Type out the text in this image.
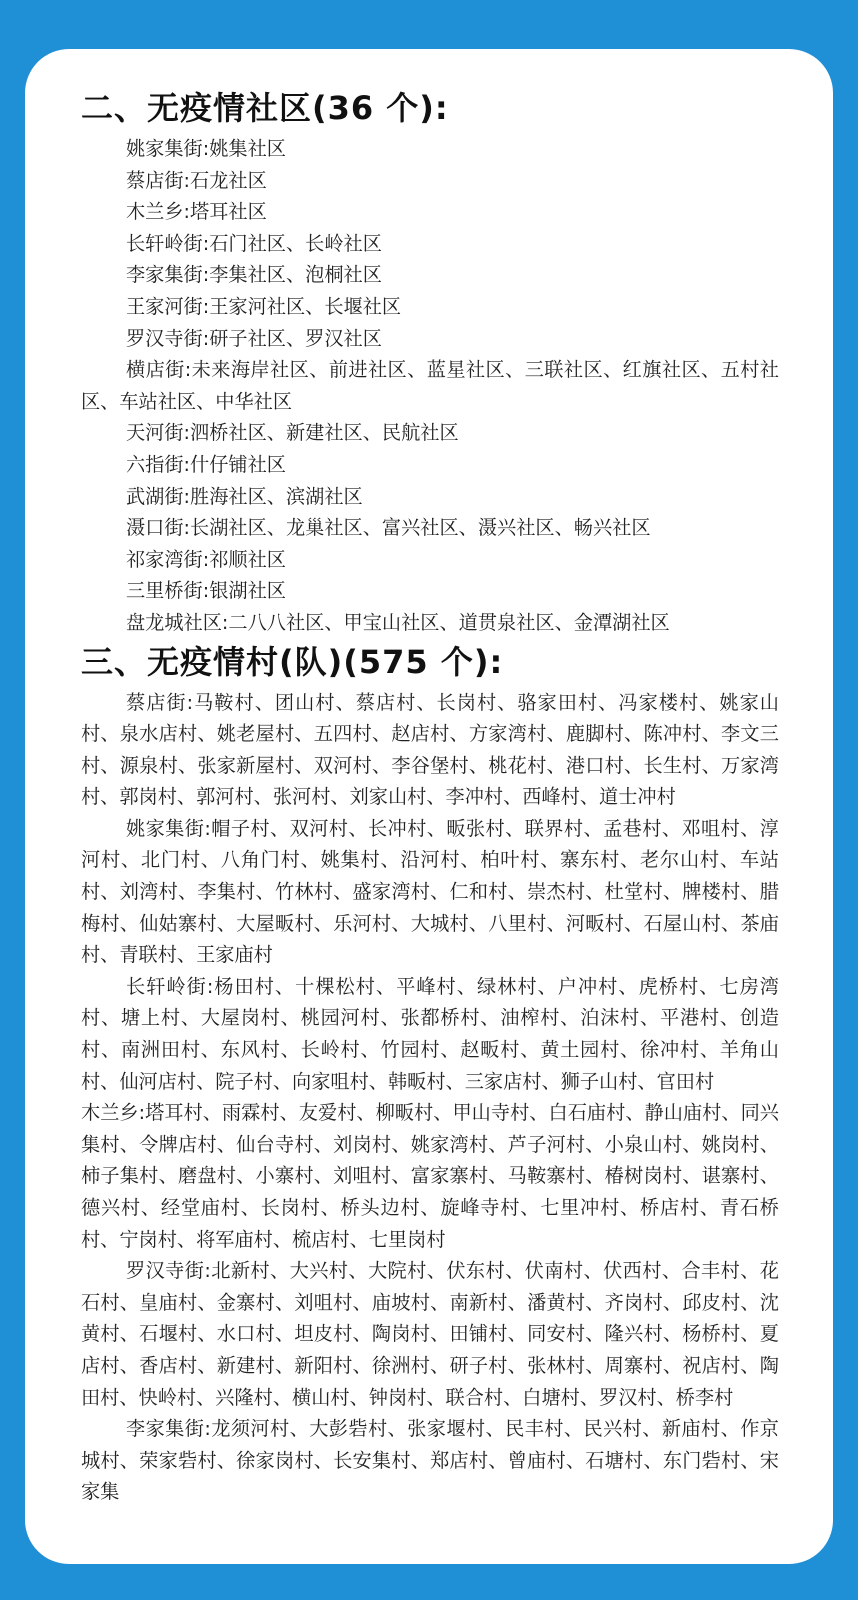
二、无疫情社区(36 个):
姚家集街:姚集社区
蔡店街:石龙社区
木兰乡:塔耳社区
长轩岭街:石门社区、长岭社区
李家集街:李集社区、泡桐社区
王家河街:王家河社区、长堰社区
罗汉寺街:研子社区、罗汉社区

横店街:未来海岸社区、前进社区、蓝星社区、三联社区、红旗社区、五村社区、车站社区、中华社区

天河街:泗桥社区、新建社区、民航社区
六指街:什仔铺社区
武湖街:胜海社区、滨湖社区
滠口街:长湖社区、龙巢社区、富兴社区、滠兴社区、畅兴社区
祁家湾街:祁顺社区
三里桥街:银湖社区
盘龙城社区:二八八社区、甲宝山社区、道贯泉社区、金潭湖社区
三、无疫情村(队)(575 个):

蔡店街:马鞍村、团山村、蔡店村、长岗村、骆家田村、冯家楼村、姚家山村、泉水店村、姚老屋村、五四村、赵店村、方家湾村、鹿脚村、陈冲村、李文三村、源泉村、张家新屋村、双河村、李谷堡村、桃花村、港口村、长生村、万家湾村、郭岗村、郭河村、张河村、刘家山村、李冲村、西峰村、道士冲村

姚家集街:帽子村、双河村、长冲村、畈张村、联界村、孟巷村、邓咀村、淳河村、北门村、八角门村、姚集村、沿河村、柏叶村、寨东村、老尔山村、车站村、刘湾村、李集村、竹林村、盛家湾村、仁和村、崇杰村、杜堂村、牌楼村、腊梅村、仙姑寨村、大屋畈村、乐河村、大城村、八里村、河畈村、石屋山村、茶庙村、青联村、王家庙村

长轩岭街:杨田村、十棵松村、平峰村、绿林村、户冲村、虎桥村、七房湾村、塘上村、大屋岗村、桃园河村、张都桥村、油榨村、泊沫村、平港村、创造村、南洲田村、东风村、长岭村、竹园村、赵畈村、黄土园村、徐冲村、羊角山村、仙河店村、院子村、向家咀村、韩畈村、三家店村、狮子山村、官田村

木兰乡:塔耳村、雨霖村、友爱村、柳畈村、甲山寺村、白石庙村、静山庙村、同兴集村、令牌店村、仙台寺村、刘岗村、姚家湾村、芦子河村、小泉山村、姚岗村、柿子集村、磨盘村、小寨村、刘咀村、富家寨村、马鞍寨村、椿树岗村、谌寨村、德兴村、经堂庙村、长岗村、桥头边村、旋峰寺村、七里冲村、桥店村、青石桥村、宁岗村、将军庙村、梳店村、七里岗村

罗汉寺街:北新村、大兴村、大院村、伏东村、伏南村、伏西村、合丰村、花石村、皇庙村、金寨村、刘咀村、庙坡村、南新村、潘黄村、齐岗村、邱皮村、沈黄村、石堰村、水口村、坦皮村、陶岗村、田铺村、同安村、隆兴村、杨桥村、夏店村、香店村、新建村、新阳村、徐洲村、研子村、张林村、周寨村、祝店村、陶田村、快岭村、兴隆村、横山村、钟岗村、联合村、白塘村、罗汉村、桥李村

李家集街:龙须河村、大彭砦村、张家堰村、民丰村、民兴村、新庙村、作京城村、荣家砦村、徐家岗村、长安集村、郑店村、曾庙村、石塘村、东门砦村、宋家集
